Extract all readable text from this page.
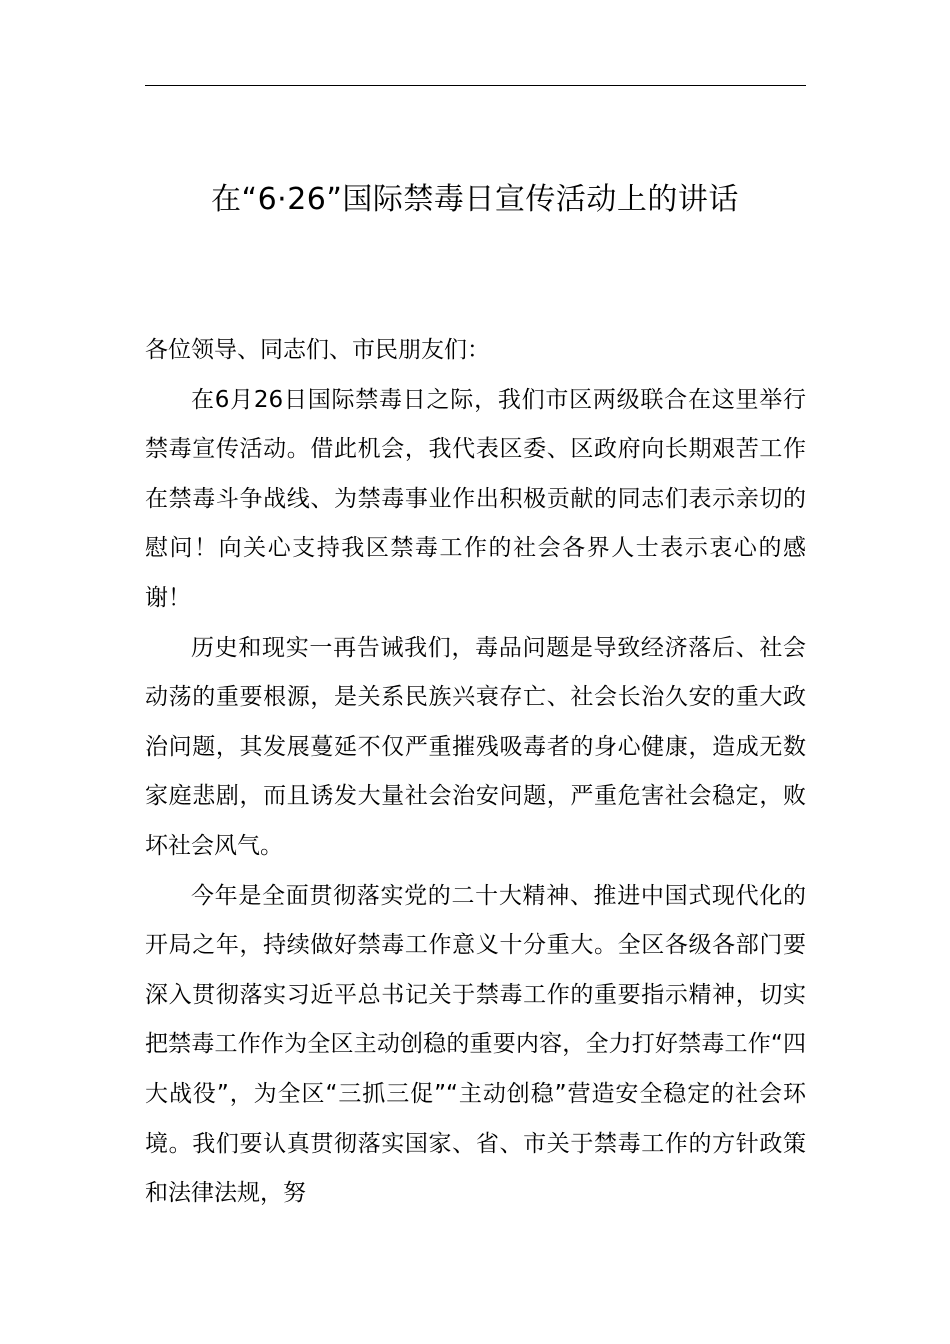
在“6·26”国际禁毒日宣传活动上的讲话

各位领导、同志们、市民朋友们：

在6月26日国际禁毒日之际，我们市区两级联合在这里举行禁毒宣传活动。借此机会，我代表区委、区政府向长期艰苦工作在禁毒斗争战线、为禁毒事业作出积极贡献的同志们表示亲切的慰问！向关心支持我区禁毒工作的社会各界人士表示衷心的感谢！

历史和现实一再告诫我们，毒品问题是导致经济落后、社会动荡的重要根源，是关系民族兴衰存亡、社会长治久安的重大政治问题，其发展蔓延不仅严重摧残吸毒者的身心健康，造成无数家庭悲剧，而且诱发大量社会治安问题，严重危害社会稳定，败坏社会风气。

今年是全面贯彻落实党的二十大精神、推进中国式现代化的开局之年，持续做好禁毒工作意义十分重大。全区各级各部门要深入贯彻落实习近平总书记关于禁毒工作的重要指示精神，切实把禁毒工作作为全区主动创稳的重要内容，全力打好禁毒工作“四大战役”，为全区“三抓三促”“主动创稳”营造安全稳定的社会环境。我们要认真贯彻落实国家、省、市关于禁毒工作的方针政策和法律法规，努
